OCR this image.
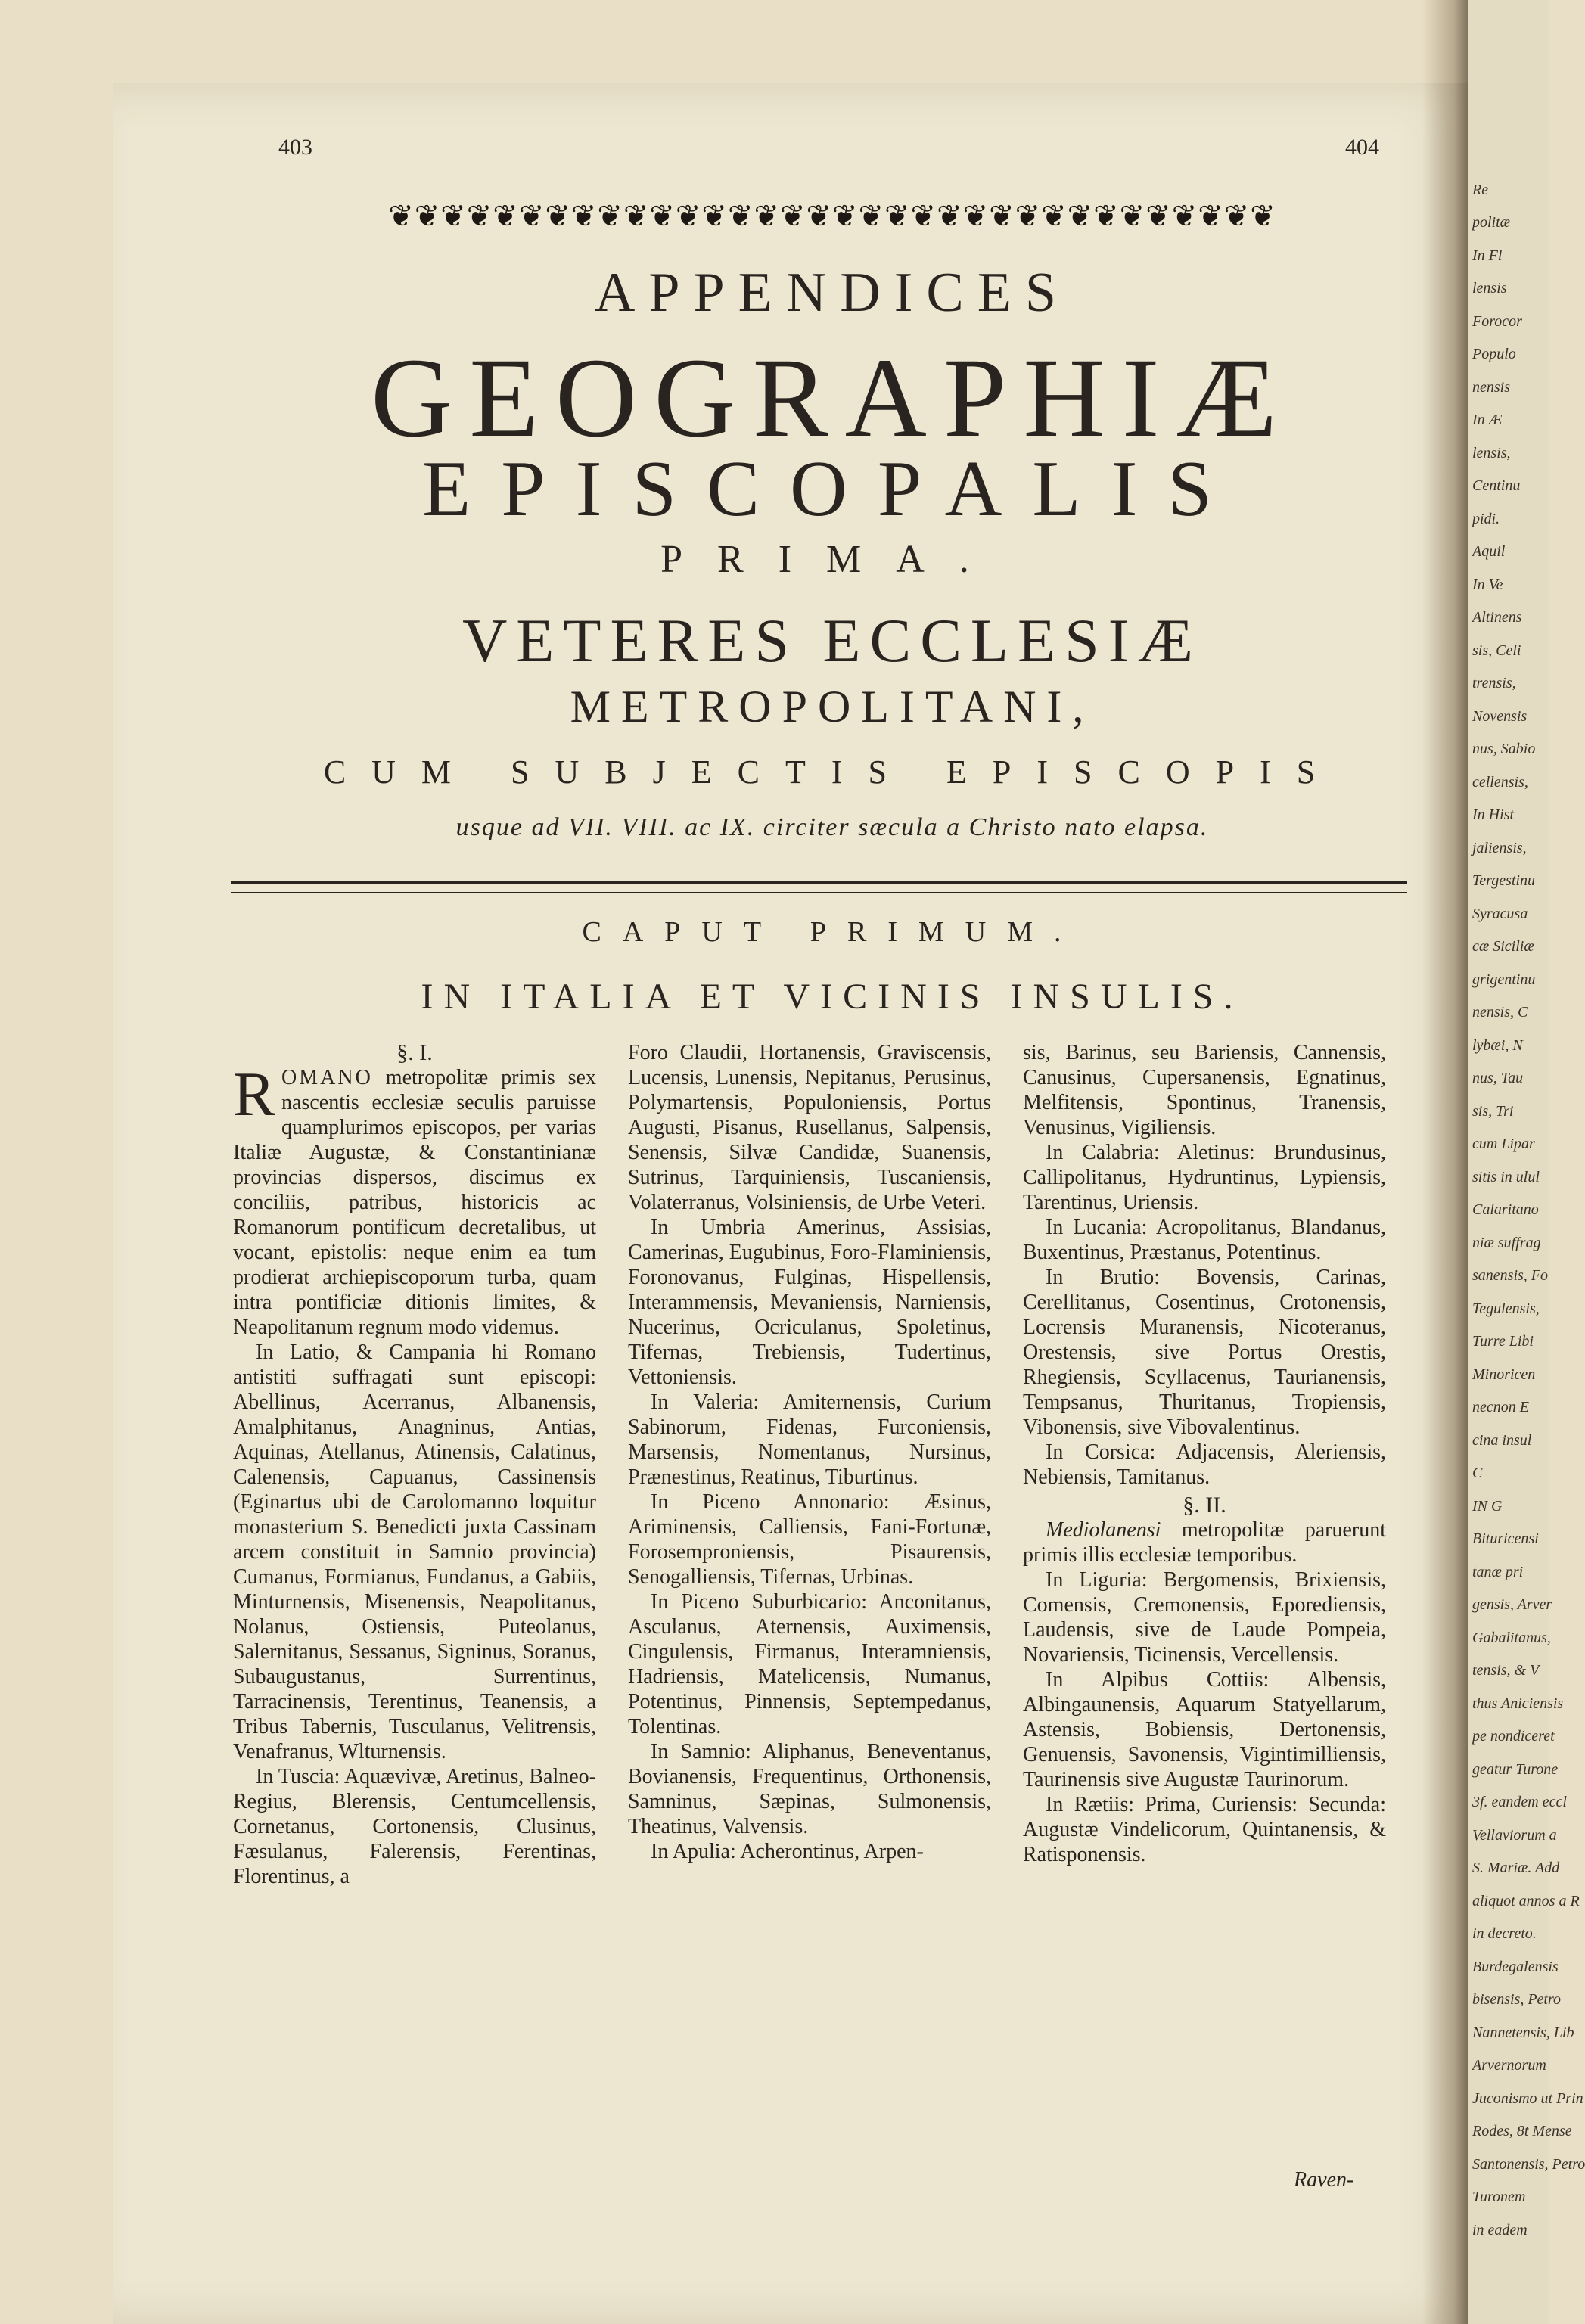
Re
politæ
In Fl
lensis
Forocor
Populo
nensis
In Æ
lensis,
Centinu
pidi.
Aquil
In Ve
Altinens
sis, Celi
trensis,
Novensis
nus, Sabio
cellensis,
In Hist
jaliensis,
Tergestinu
Syracusa
cæ Siciliæ
grigentinu
nensis, C
lybæi, N
nus, Tau
sis, Tri
cum Lipar
sitis in ulul
Calaritano
niæ suffrag
sanensis, Fo
Tegulensis,
Turre Libi
Minoricen
necnon E
cina insul
C
IN G
Bituricensi
tanæ pri
gensis, Arver
Gabalitanus,
tensis, & V
thus Aniciensis
pe nondiceret
geatur Turone
3f. eandem eccl
Vellaviorum a
S. Mariæ. Add
aliquot annos a R
in decreto.
Burdegalensis
bisensis, Petro
Nannetensis, Lib
Arvernorum
Juconismo ut Prin
Rodes, 8t Mense
Santonensis, Petro
Turonem
in eadem
403	404
❦❦❦❦❦❦❦❦❦❦❦❦❦❦❦❦❦❦❦❦❦❦❦❦❦❦❦❦❦❦❦❦❦❦
APPENDICES
GEOGRAPHIÆ
EPISCOPALIS
PRIMA.
VETERES ECCLESIÆ
METROPOLITANI,
CUM SUBJECTIS EPISCOPIS
usque ad VII. VIII. ac IX. circiter sæcula a Christo nato elapsa.
CAPUT PRIMUM.
IN ITALIA ET VICINIS INSULIS.

§. I.

ROMANO metropolitæ primis sex nascentis ecclesiæ seculis paruisse quamplurimos episcopos, per varias Italiæ Augustæ, & Constantinianæ provincias dispersos, discimus ex conciliis, patribus, historicis ac Romanorum pontificum decretalibus, ut vocant, epistolis: neque enim ea tum prodierat archiepiscoporum turba, quam intra pontificiæ ditionis limites, & Neapolitanum regnum modo videmus.

In Latio, & Campania hi Romano antistiti suffragati sunt episcopi: Abellinus, Acerranus, Albanensis, Amalphitanus, Anagninus, Antias, Aquinas, Atellanus, Atinensis, Calatinus, Calenensis, Capuanus, Cassinensis (Eginartus ubi de Carolomanno loquitur monasterium S. Benedicti juxta Cassinam arcem constituit in Samnio provincia) Cumanus, Formianus, Fundanus, a Gabiis, Minturnensis, Misenensis, Neapolitanus, Nolanus, Ostiensis, Puteolanus, Salernitanus, Sessanus, Signinus, Soranus, Subaugustanus, Surrentinus, Tarracinensis, Terentinus, Teanensis, a Tribus Tabernis, Tusculanus, Velitrensis, Venafranus, Wlturnensis.

In Tuscia: Aquævivæ, Aretinus, Balneo-Regius, Blerensis, Centumcellensis, Cornetanus, Cortonensis, Clusinus, Fæsulanus, Falerensis, Ferentinas, Florentinus, a

Foro Claudii, Hortanensis, Graviscensis, Lucensis, Lunensis, Nepitanus, Perusinus, Polymartensis, Populoniensis, Portus Augusti, Pisanus, Rusellanus, Salpensis, Senensis, Silvæ Candidæ, Suanensis, Sutrinus, Tarquiniensis, Tuscaniensis, Volaterranus, Volsiniensis, de Urbe Veteri.

In Umbria Amerinus, Assisias, Camerinas, Eugubinus, Foro-Flaminiensis, Foronovanus, Fulginas, Hispellensis, Interammensis, Mevaniensis, Narniensis, Nucerinus, Ocriculanus, Spoletinus, Tifernas, Trebiensis, Tudertinus, Vettoniensis.

In Valeria: Amiternensis, Curium Sabinorum, Fidenas, Furconiensis, Marsensis, Nomentanus, Nursinus, Prænestinus, Reatinus, Tiburtinus.

In Piceno Annonario: Æsinus, Ariminensis, Calliensis, Fani-Fortunæ, Forosemproniensis, Pisaurensis, Senogalliensis, Tifernas, Urbinas.

In Piceno Suburbicario: Anconitanus, Asculanus, Aternensis, Auximensis, Cingulensis, Firmanus, Interamniensis, Hadriensis, Matelicensis, Numanus, Potentinus, Pinnensis, Septempedanus, Tolentinas.

In Samnio: Aliphanus, Beneventanus, Bovianensis, Frequentinus, Orthonensis, Samninus, Sæpinas, Sulmonensis, Theatinus, Valvensis.

In Apulia: Acherontinus, Arpen-

sis, Barinus, seu Bariensis, Cannensis, Canusinus, Cupersanensis, Egnatinus, Melfitensis, Spontinus, Tranensis, Venusinus, Vigiliensis.

In Calabria: Aletinus: Brundusinus, Callipolitanus, Hydruntinus, Lypiensis, Tarentinus, Uriensis.

In Lucania: Acropolitanus, Blandanus, Buxentinus, Præstanus, Potentinus.

In Brutio: Bovensis, Carinas, Cerellitanus, Cosentinus, Crotonensis, Locrensis Muranensis, Nicoteranus, Orestensis, sive Portus Orestis, Rhegiensis, Scyllacenus, Taurianensis, Tempsanus, Thuritanus, Tropiensis, Vibonensis, sive Vibovalentinus.

In Corsica: Adjacensis, Aleriensis, Nebiensis, Tamitanus.

§. II.

Mediolanensi metropolitæ paruerunt primis illis ecclesiæ temporibus.

In Liguria: Bergomensis, Brixiensis, Comensis, Cremonensis, Eporediensis, Laudensis, sive de Laude Pompeia, Novariensis, Ticinensis, Vercellensis.

In Alpibus Cottiis: Albensis, Albingaunensis, Aquarum Statyellarum, Astensis, Bobiensis, Dertonensis, Genuensis, Savonensis, Vigintimilliensis, Taurinensis sive Augustæ Taurinorum.

In Rætiis: Prima, Curiensis: Secunda: Augustæ Vindelicorum, Quintanensis, & Ratisponensis.

Raven-
